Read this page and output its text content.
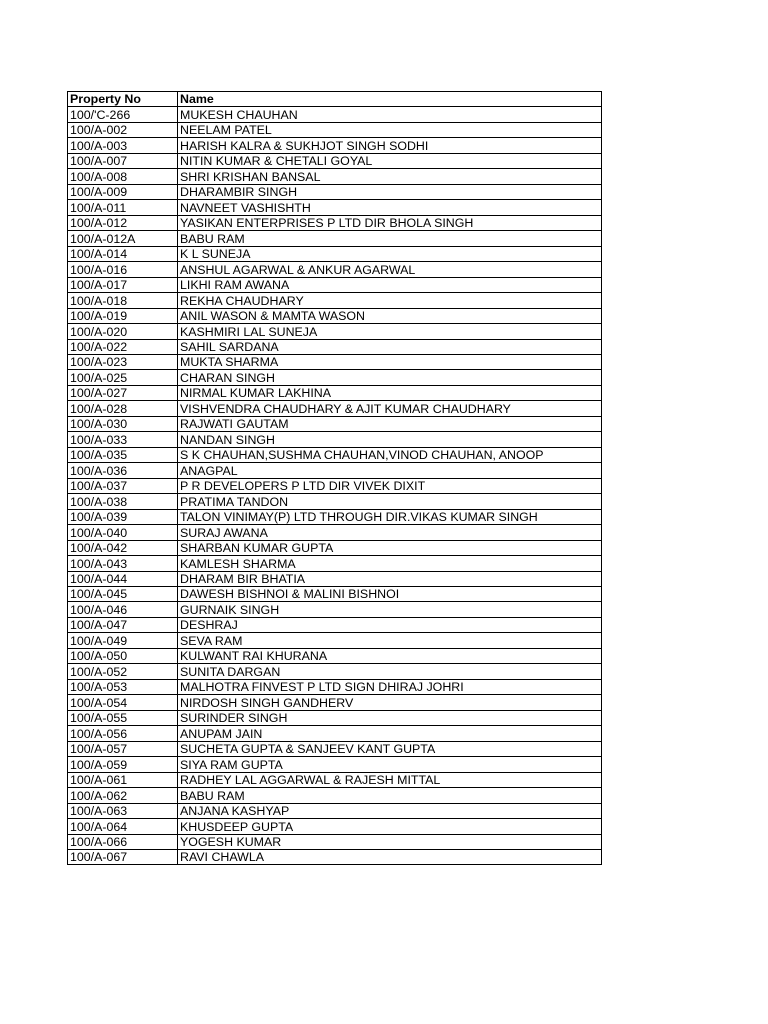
Property No	Name
100/'C-266	MUKESH CHAUHAN
100/A-002	NEELAM PATEL
100/A-003	HARISH KALRA & SUKHJOT SINGH SODHI
100/A-007	NITIN KUMAR & CHETALI GOYAL
100/A-008	SHRI KRISHAN BANSAL
100/A-009	DHARAMBIR SINGH
100/A-011	NAVNEET VASHISHTH
100/A-012	YASIKAN ENTERPRISES P LTD DIR BHOLA SINGH
100/A-012A	BABU RAM
100/A-014	K L SUNEJA
100/A-016	ANSHUL AGARWAL & ANKUR AGARWAL
100/A-017	LIKHI RAM AWANA
100/A-018	REKHA CHAUDHARY
100/A-019	ANIL WASON & MAMTA WASON
100/A-020	KASHMIRI LAL SUNEJA
100/A-022	SAHIL SARDANA
100/A-023	MUKTA SHARMA
100/A-025	CHARAN SINGH
100/A-027	NIRMAL KUMAR LAKHINA
100/A-028	VISHVENDRA CHAUDHARY & AJIT KUMAR CHAUDHARY
100/A-030	RAJWATI GAUTAM
100/A-033	NANDAN SINGH
100/A-035	S K CHAUHAN,SUSHMA CHAUHAN,VINOD CHAUHAN, ANOOP
100/A-036	ANAGPAL
100/A-037	P R DEVELOPERS P LTD DIR VIVEK DIXIT
100/A-038	PRATIMA TANDON
100/A-039	TALON VINIMAY(P) LTD THROUGH DIR.VIKAS KUMAR SINGH
100/A-040	SURAJ AWANA
100/A-042	SHARBAN KUMAR GUPTA
100/A-043	KAMLESH SHARMA
100/A-044	DHARAM BIR BHATIA
100/A-045	DAWESH BISHNOI & MALINI BISHNOI
100/A-046	GURNAIK SINGH
100/A-047	DESHRAJ
100/A-049	SEVA RAM
100/A-050	KULWANT RAI KHURANA
100/A-052	SUNITA DARGAN
100/A-053	MALHOTRA FINVEST P LTD SIGN DHIRAJ JOHRI
100/A-054	NIRDOSH SINGH GANDHERV
100/A-055	SURINDER SINGH
100/A-056	ANUPAM JAIN
100/A-057	SUCHETA GUPTA & SANJEEV KANT GUPTA
100/A-059	SIYA RAM GUPTA
100/A-061	RADHEY LAL AGGARWAL & RAJESH MITTAL
100/A-062	BABU RAM
100/A-063	ANJANA KASHYAP
100/A-064	KHUSDEEP GUPTA
100/A-066	YOGESH KUMAR
100/A-067	RAVI CHAWLA
